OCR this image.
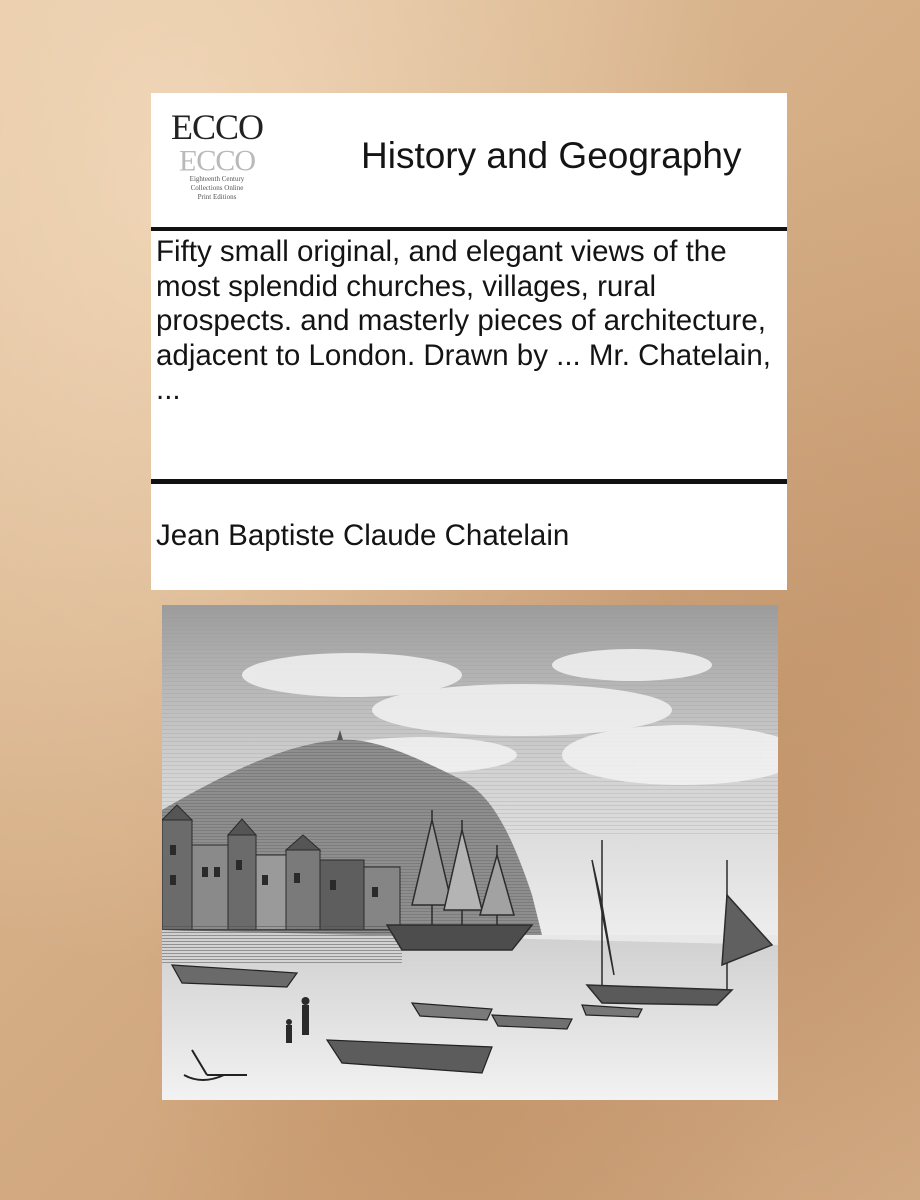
ECCO
ECCO
Eighteenth Century
Collections Online
Print Editions
History and Geography
Fifty small original, and elegant views of the most splendid churches, villages, rural prospects. and masterly pieces of architecture, adjacent to London. Drawn by ... Mr. Chatelain, ...
Jean Baptiste Claude Chatelain
